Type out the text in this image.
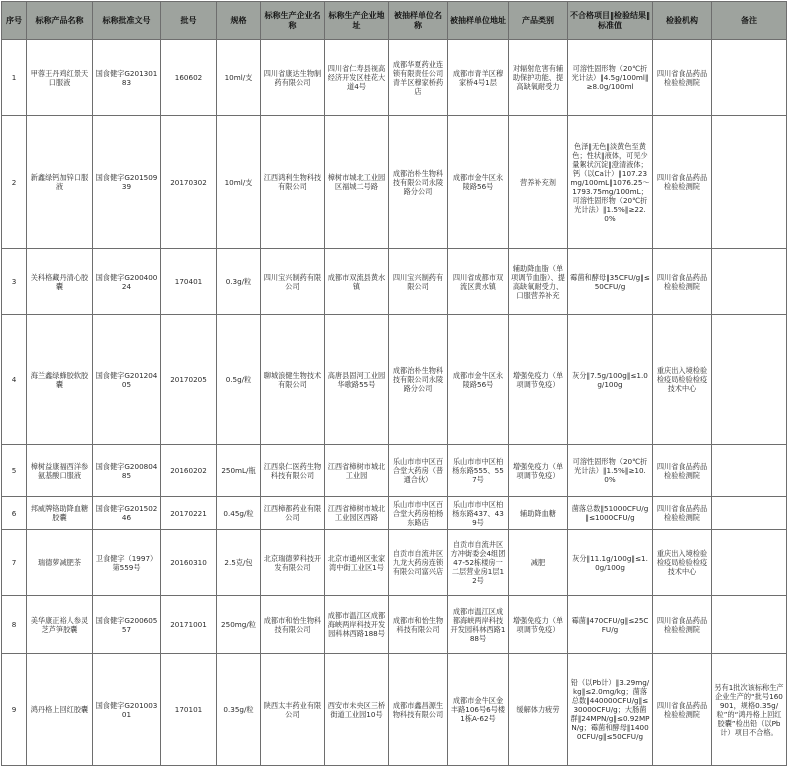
序号	标称产品名称	标称批准文号	批号	规格	标称生产企业名称	标称生产企业地址	被抽样单位名称	被抽样单位地址	产品类别	不合格项目‖检验结果‖标准值	检验机构	备注
1	甲蓉王丹鸡红景天口服液	国食健字G20130183	160602	10ml/支	四川省康达生物制药有限公司	四川省仁寿县视高经济开发区桂花大道4号	成都华夏药业连锁有限责任公司青羊区穆家桥药店	成都市青羊区穆家桥4号1层	对辐射危害有辅助保护功能、提高缺氧耐受力	可溶性固形物（20℃折光计法）‖4.5g/100ml‖≥8.0g/100ml	四川省食品药品检验检测院	
2	新鑫绿钙加锌口服液	国食健字G20150939	20170302	10ml/支	江西鸿利生物科技有限公司	樟树市城北工业园区福城二号路	成都治朴生物科技有限公司永陵路分公司	成都市金牛区永陵路56号	营养补充剂	色泽‖无色‖淡黄色至黄色；性状‖液体，可见少量絮状沉淀‖澄清液体；钙（以Ca计）‖107.23mg/100mL‖1076.25～1793.75mg/100mL；可溶性固形物（20℃折光计法）‖1.5%‖≥22.0%	四川省食品药品检验检测院	
3	关科格藏丹清心胶囊	国食健字G20040024	170401	0.3g/粒	四川宝兴制药有限公司	成都市双流县黄水镇	四川宝兴制药有限公司	四川省成都市双流区黄水镇	辅助降血脂（单项调节血脂）、提高缺氧耐受力、口服营养补充	霉菌和酵母‖35CFU/g‖≤50CFU/g	四川省食品药品检验检测院	
4	海兰鑫绿蜂胶软胶囊	国食健字G20120405	20170205	0.5g/粒	聊城浪健生物技术有限公司	高唐县固河工业园华歌路55号	成都治朴生物科技有限公司永陵路分公司	成都市金牛区永陵路56号	增强免疫力（单项调节免疫）	灰分‖7.5g/100g‖≤1.0g/100g	重庆出入境检验检疫局检验检疫技术中心	
5	樟树益康福西洋参氨基酸口服液	国食健字G20080485	20160202	250mL/瓶	江西泉仁医药生物科技有限公司	江西省樟树市城北工业园	乐山市市中区百合堂大药房（普通合伙）	乐山市市中区柏杨东路555、557号	增强免疫力（单项调节免疫）	可溶性固形物（20℃折光计法）‖1.5%‖≥10.0%	四川省食品药品检验检测院	
6	邦威牌铬助降血糖胶囊	国食健字G20150246	20170221	0.45g/粒	江西樟都药业有限公司	江西省樟树市城北工业园区西路	乐山市市中区百合堂大药房柏杨东路店	乐山市市中区柏杨东路437、439号	辅助降血糖	菌落总数‖51000CFU/g‖≤1000CFU/g	四川省食品药品检验检测院	
7	瑞德萝减肥茶	卫食健字（1997）第559号	20160310	2.5克/包	北京瑞德萝科技开发有限公司	北京市通州区张家湾中街工业区1号	自贡市自流井区九龙大药房连锁有限公司富兴店	自贡市自流井区方冲街委会4组团47-52栋楼房一二层营业房1层12号	减肥	灰分‖11.1g/100g‖≤1.0g/100g	重庆出入境检验检疫局检验检疫技术中心	
8	美华康正裕人参灵芝芦笋胶囊	国食健字G20060557	20171001	250mg/粒	成都市和怡生物科技有限公司	成都市温江区成都海峡两岸科技开发园科林西路188号	成都市和怡生物科技有限公司	成都市温江区成都海峡两岸科技开发园科林西路188号	增强免疫力（单项调节免疫）	霉菌‖470CFU/g‖≤25CFU/g	四川省食品药品检验检测院	
9	鸿丹格上回红胶囊	国食健字G20100301	170101	0.35g/粒	陕西太丰药业有限公司	西安市未央区三桥街道工业园10号	成都市鑫昌源生物科技有限公司	成都市金牛区金丰路106号6号楼1栋A-62号	缓解体力疲劳	铅（以Pb计）‖3.29mg/kg‖≤2.0mg/kg；菌落总数‖440000CFU/g‖≤30000CFU/g；大肠菌群‖24MPN/g‖≤0.92MPN/g；霉菌和酵母‖14000CFU/g‖≤50CFU/g	四川省食品药品检验检测院	另有1批次该标称生产企业生产的“批号160901，规格0.35g/粒”的“鸿丹格上回红胶囊”检出铅（以Pb计）项目不合格。
